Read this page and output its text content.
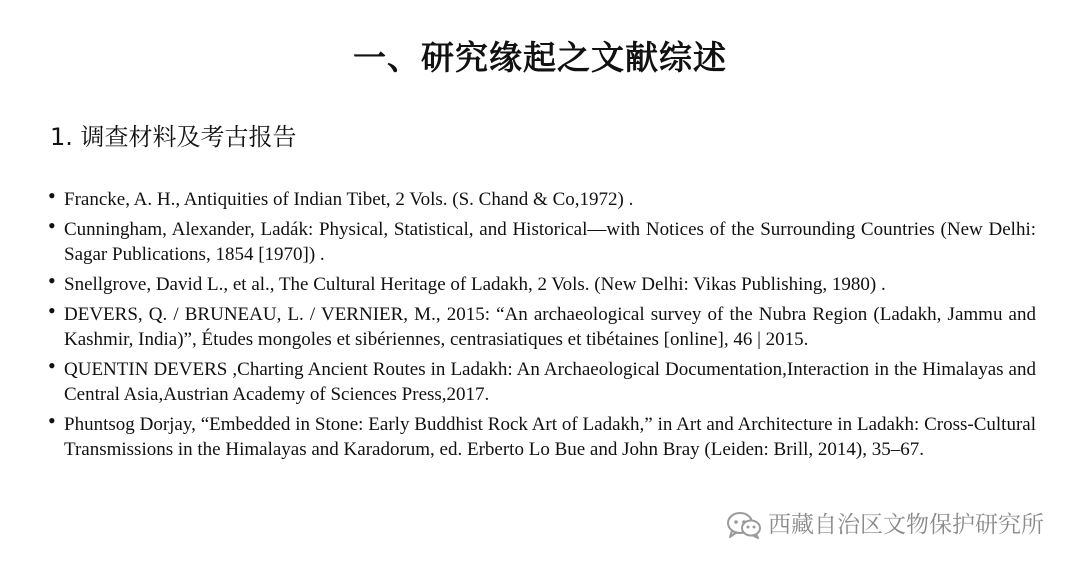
一、研究缘起之文献综述
1. 调查材料及考古报告
• Francke, A. H., Antiquities of Indian Tibet, 2 Vols. (S. Chand & Co,1972) .
• Cunningham, Alexander, Ladák: Physical, Statistical, and Historical—with Notices of the Surrounding Countries (New Delhi: Sagar Publications, 1854 [1970]) .
• Snellgrove, David L., et al., The Cultural Heritage of Ladakh, 2 Vols. (New Delhi: Vikas Publishing, 1980) .
• DEVERS, Q. / BRUNEAU, L. / VERNIER, M., 2015: “An archaeological survey of the Nubra Region (Ladakh, Jammu and Kashmir, India)”, Études mongoles et sibériennes, centrasiatiques et tibétaines [online], 46 | 2015.
• QUENTIN DEVERS ,Charting Ancient Routes in Ladakh: An Archaeological Documentation,Interaction in the Himalayas and Central Asia,Austrian Academy of Sciences Press,2017.
• Phuntsog Dorjay, “Embedded in Stone: Early Buddhist Rock Art of Ladakh,” in Art and Architecture in Ladakh: Cross-Cultural Transmissions in the Himalayas and Karadorum, ed. Erberto Lo Bue and John Bray (Leiden: Brill, 2014), 35–67.
西藏自治区文物保护研究所
